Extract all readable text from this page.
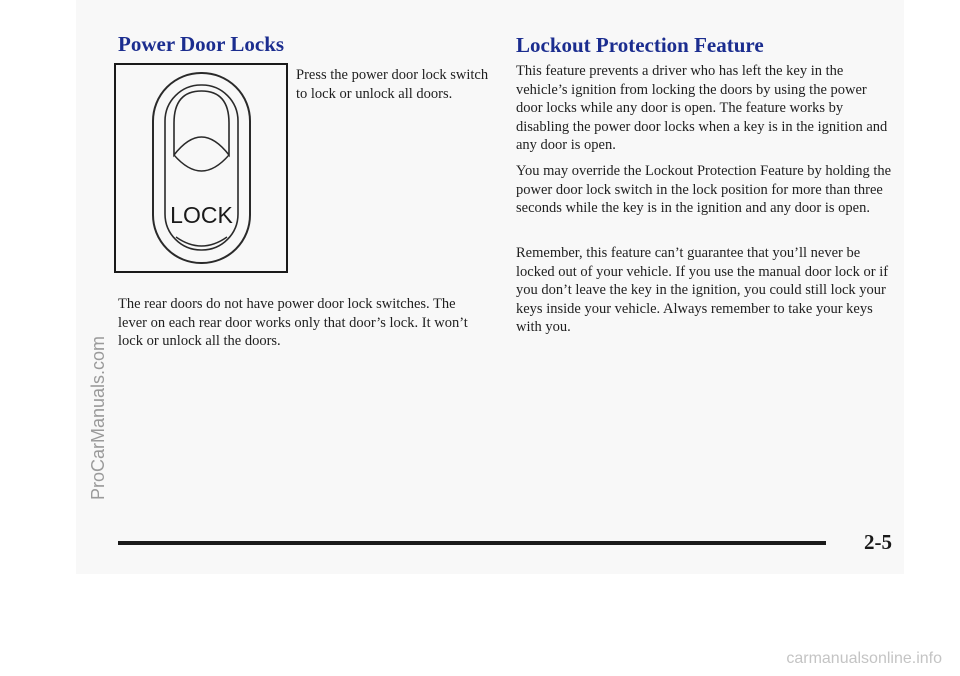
Power Door Locks
LOCK

Press the power door lock switch to lock or unlock all doors.

The rear doors do not have power door lock switches. The lever on each rear door works only that door’s lock. It won’t lock or unlock all the doors.

Lockout Protection Feature

This feature prevents a driver who has left the key in the vehicle’s ignition from locking the doors by using the power door locks while any door is open. The feature works by disabling the power door locks when a key is in the ignition and any door is open.

You may override the Lockout Protection Feature by holding the power door lock switch in the lock position for more than three seconds while the key is in the ignition and any door is open.

Remember, this feature can’t guarantee that you’ll never be locked out of your vehicle. If you use the manual door lock or if you don’t leave the key in the ignition, you could still lock your keys inside your vehicle. Always remember to take your keys with you.

2-5
ProCarManuals.com
carmanualsonline.info
